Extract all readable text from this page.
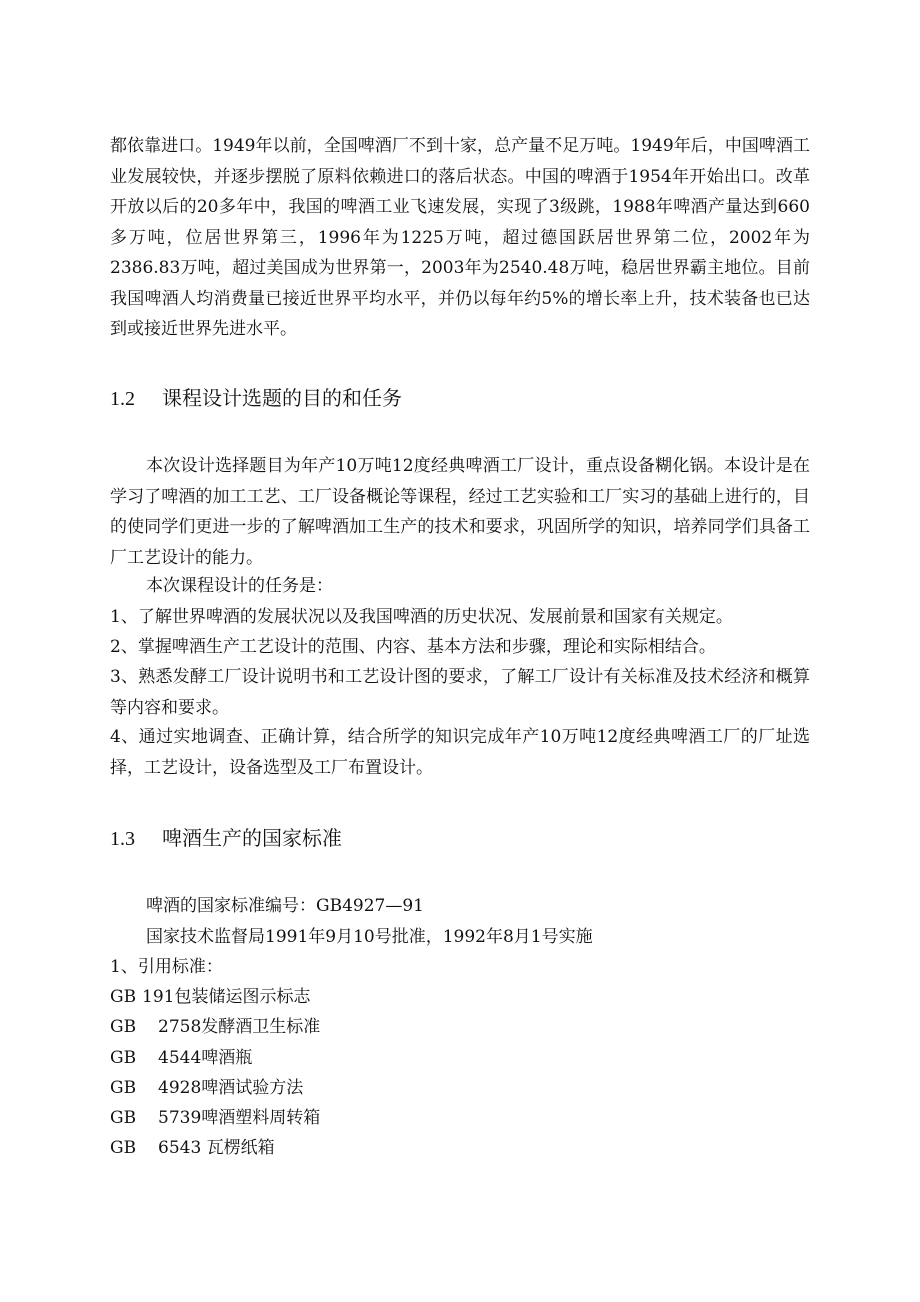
都依靠进口。1949年以前，全国啤酒厂不到十家，总产量不足万吨。1949年后，中国啤酒工业发展较快，并逐步摆脱了原料依赖进口的落后状态。中国的啤酒于1954年开始出口。改革开放以后的20多年中，我国的啤酒工业飞速发展，实现了3级跳，1988年啤酒产量达到660多万吨，位居世界第三，1996年为1225万吨，超过德国跃居世界第二位，2002年为2386.83万吨，超过美国成为世界第一，2003年为2540.48万吨，稳居世界霸主地位。目前我国啤酒人均消费量已接近世界平均水平，并仍以每年约5%的增长率上升，技术装备也已达到或接近世界先进水平。

1.2 课程设计选题的目的和任务

本次设计选择题目为年产10万吨12度经典啤酒工厂设计，重点设备糊化锅。本设计是在学习了啤酒的加工工艺、工厂设备概论等课程，经过工艺实验和工厂实习的基础上进行的，目的使同学们更进一步的了解啤酒加工生产的技术和要求，巩固所学的知识，培养同学们具备工厂工艺设计的能力。

本次课程设计的任务是：

1、了解世界啤酒的发展状况以及我国啤酒的历史状况、发展前景和国家有关规定。

2、掌握啤酒生产工艺设计的范围、内容、基本方法和步骤，理论和实际相结合。

3、熟悉发酵工厂设计说明书和工艺设计图的要求，了解工厂设计有关标准及技术经济和概算等内容和要求。

4、通过实地调查、正确计算，结合所学的知识完成年产10万吨12度经典啤酒工厂的厂址选择，工艺设计，设备选型及工厂布置设计。

1.3 啤酒生产的国家标准
啤酒的国家标准编号：GB4927—91
国家技术监督局1991年9月10号批准，1992年8月1号实施
1、引用标准：
GB 191包装储运图示标志
GB 2758发酵酒卫生标准
GB 4544啤酒瓶
GB 4928啤酒试验方法
GB 5739啤酒塑料周转箱
GB 6543 瓦楞纸箱
